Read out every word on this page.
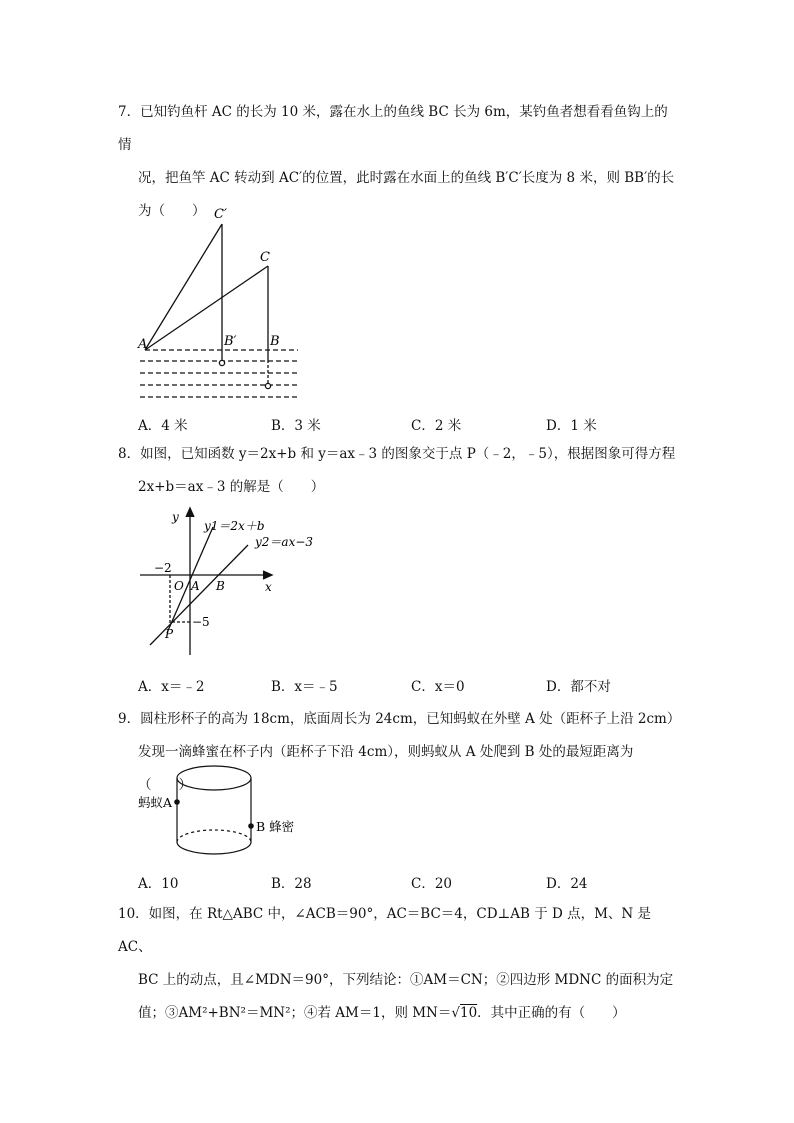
7．已知钓鱼杆 AC 的长为 10 米，露在水上的鱼线 BC 长为 6m，某钓鱼者想看看鱼钩上的情

况，把鱼竿 AC 转动到 AC′的位置，此时露在水面上的鱼线 B′C′长度为 8 米，则 BB′的长

为（　　）

A
C′
C
B′	B
A．4 米	B．3 米	C．2 米	D．1 米

8．如图，已知函数 y＝2x+b 和 y＝ax﹣3 的图象交于点 P（﹣2，﹣5），根据图象可得方程

2x+b＝ax﹣3 的解是（　　）

y
x
O A B
P
y1＝2x＋b
y2＝ax−3
−2
−5
A．x＝﹣2	B．x＝﹣5	C．x＝0	D．都不对

9．圆柱形杯子的高为 18cm，底面周长为 24cm，已知蚂蚁在外壁 A 处（距杯子上沿 2cm）

发现一滴蜂蜜在杯子内（距杯子下沿 4cm），则蚂蚁从 A 处爬到 B 处的最短距离为（　　）

蚂蚁A
B 蜂密
A．10	B．28	C．20	D．24

10．如图，在 Rt△ABC 中，∠ACB＝90°，AC＝BC＝4，CD⊥AB 于 D 点，M、N 是 AC、

BC 上的动点，且∠MDN＝90°，下列结论：①AM＝CN；②四边形 MDNC 的面积为定

值；③AM²+BN²＝MN²；④若 AM＝1，则 MN＝√10．其中正确的有（　　）
